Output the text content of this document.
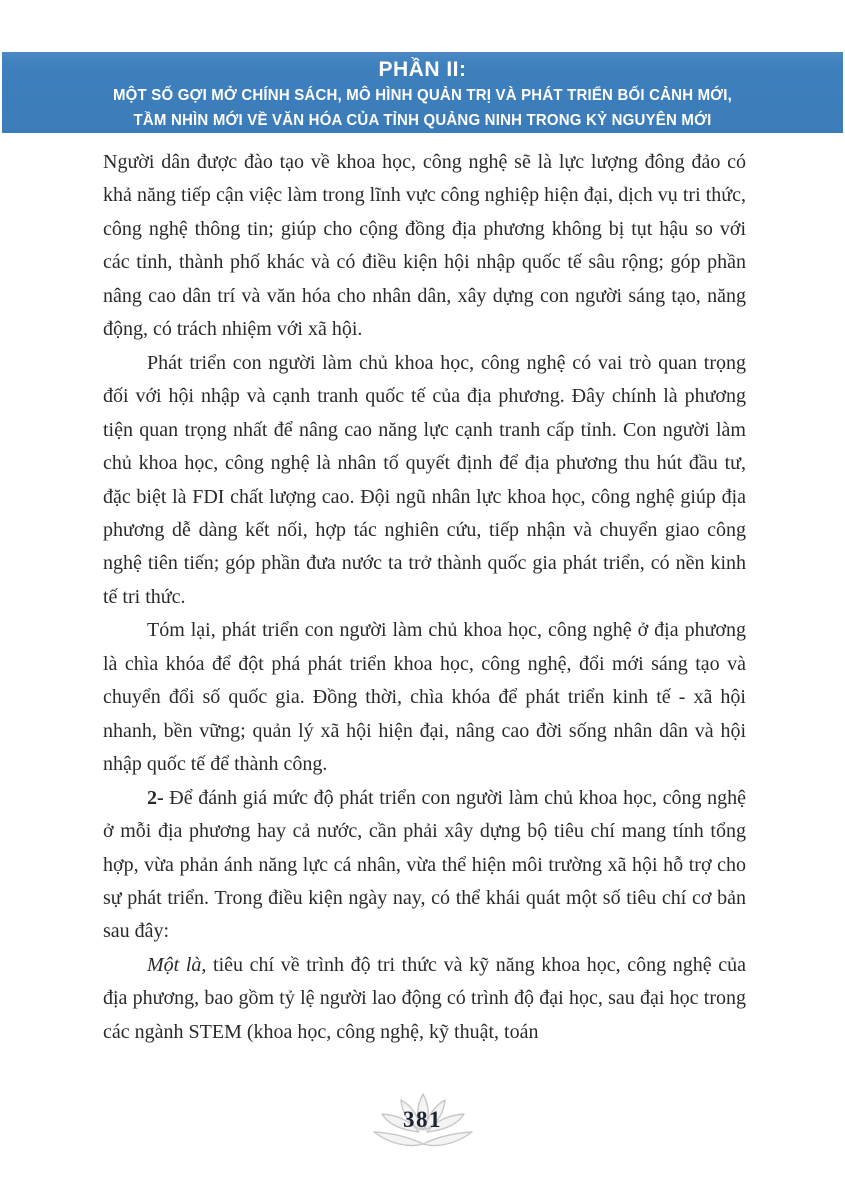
PHẦN II:
MỘT SỐ GỢI MỞ CHÍNH SÁCH, MÔ HÌNH QUẢN TRỊ VÀ PHÁT TRIỂN BỐI CẢNH MỚI,
TẦM NHÌN MỚI VỀ VĂN HÓA CỦA TỈNH QUẢNG NINH TRONG KỶ NGUYÊN MỚI

Người dân được đào tạo về khoa học, công nghệ sẽ là lực lượng đông đảo có khả năng tiếp cận việc làm trong lĩnh vực công nghiệp hiện đại, dịch vụ tri thức, công nghệ thông tin; giúp cho cộng đồng địa phương không bị tụt hậu so với các tỉnh, thành phố khác và có điều kiện hội nhập quốc tế sâu rộng; góp phần nâng cao dân trí và văn hóa cho nhân dân, xây dựng con người sáng tạo, năng động, có trách nhiệm với xã hội.

Phát triển con người làm chủ khoa học, công nghệ có vai trò quan trọng đối với hội nhập và cạnh tranh quốc tế của địa phương. Đây chính là phương tiện quan trọng nhất để nâng cao năng lực cạnh tranh cấp tỉnh. Con người làm chủ khoa học, công nghệ là nhân tố quyết định để địa phương thu hút đầu tư, đặc biệt là FDI chất lượng cao. Đội ngũ nhân lực khoa học, công nghệ giúp địa phương dễ dàng kết nối, hợp tác nghiên cứu, tiếp nhận và chuyển giao công nghệ tiên tiến; góp phần đưa nước ta trở thành quốc gia phát triển, có nền kinh tế tri thức.

Tóm lại, phát triển con người làm chủ khoa học, công nghệ ở địa phương là chìa khóa để đột phá phát triển khoa học, công nghệ, đổi mới sáng tạo và chuyển đổi số quốc gia. Đồng thời, chìa khóa để phát triển kinh tế - xã hội nhanh, bền vững; quản lý xã hội hiện đại, nâng cao đời sống nhân dân và hội nhập quốc tế để thành công.

2- Để đánh giá mức độ phát triển con người làm chủ khoa học, công nghệ ở mỗi địa phương hay cả nước, cần phải xây dựng bộ tiêu chí mang tính tổng hợp, vừa phản ánh năng lực cá nhân, vừa thể hiện môi trường xã hội hỗ trợ cho sự phát triển. Trong điều kiện ngày nay, có thể khái quát một số tiêu chí cơ bản sau đây:

Một là, tiêu chí về trình độ tri thức và kỹ năng khoa học, công nghệ của địa phương, bao gồm tỷ lệ người lao động có trình độ đại học, sau đại học trong các ngành STEM (khoa học, công nghệ, kỹ thuật, toán

381
